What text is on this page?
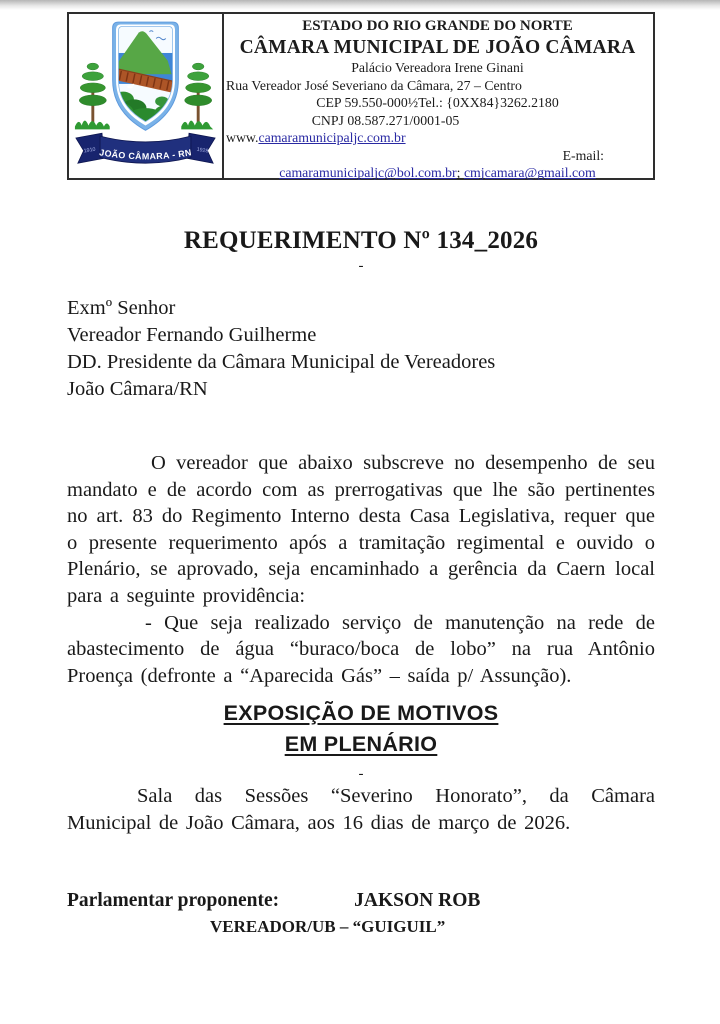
1910	1928
JOÃO CÂMARA - RN
ESTADO DO RIO GRANDE DO NORTE
CÂMARA MUNICIPAL DE JOÃO CÂMARA
Palácio Vereadora Irene Ginani
Rua Vereador José Severiano da Câmara, 27 – Centro
CEP 59.550-000½Tel.: {0XX84}3262.2180
CNPJ 08.587.271/0001-05
www.camaramunicipaljc.com.br
E-mail:
camaramunicipaljc@bol.com.br; cmjcamara@gmail.com
REQUERIMENTO Nº 134_2026
-
Exmº Senhor
Vereador Fernando Guilherme
DD. Presidente da Câmara Municipal de Vereadores
João Câmara/RN

O vereador que abaixo subscreve no desempenho de seu mandato e de acordo com as prerrogativas que lhe são pertinentes no art. 83 do Regimento Interno desta Casa Legislativa, requer que o presente requerimento após a tramitação regimental e ouvido o Plenário, se aprovado, seja encaminhado a gerência da Caern local para a seguinte providência:

- Que seja realizado serviço de manutenção na rede de abastecimento de água “buraco/boca de lobo” na rua Antônio Proença (defronte a “Aparecida Gás” – saída p/ Assunção).

EXPOSIÇÃO DE MOTIVOS
EM PLENÁRIO
-

Sala das Sessões “Severino Honorato”, da Câmara Municipal de João Câmara, aos 16 dias de março de 2026.

Parlamentar proponente:	JAKSON ROB
VEREADOR/UB – “GUIGUIL”
